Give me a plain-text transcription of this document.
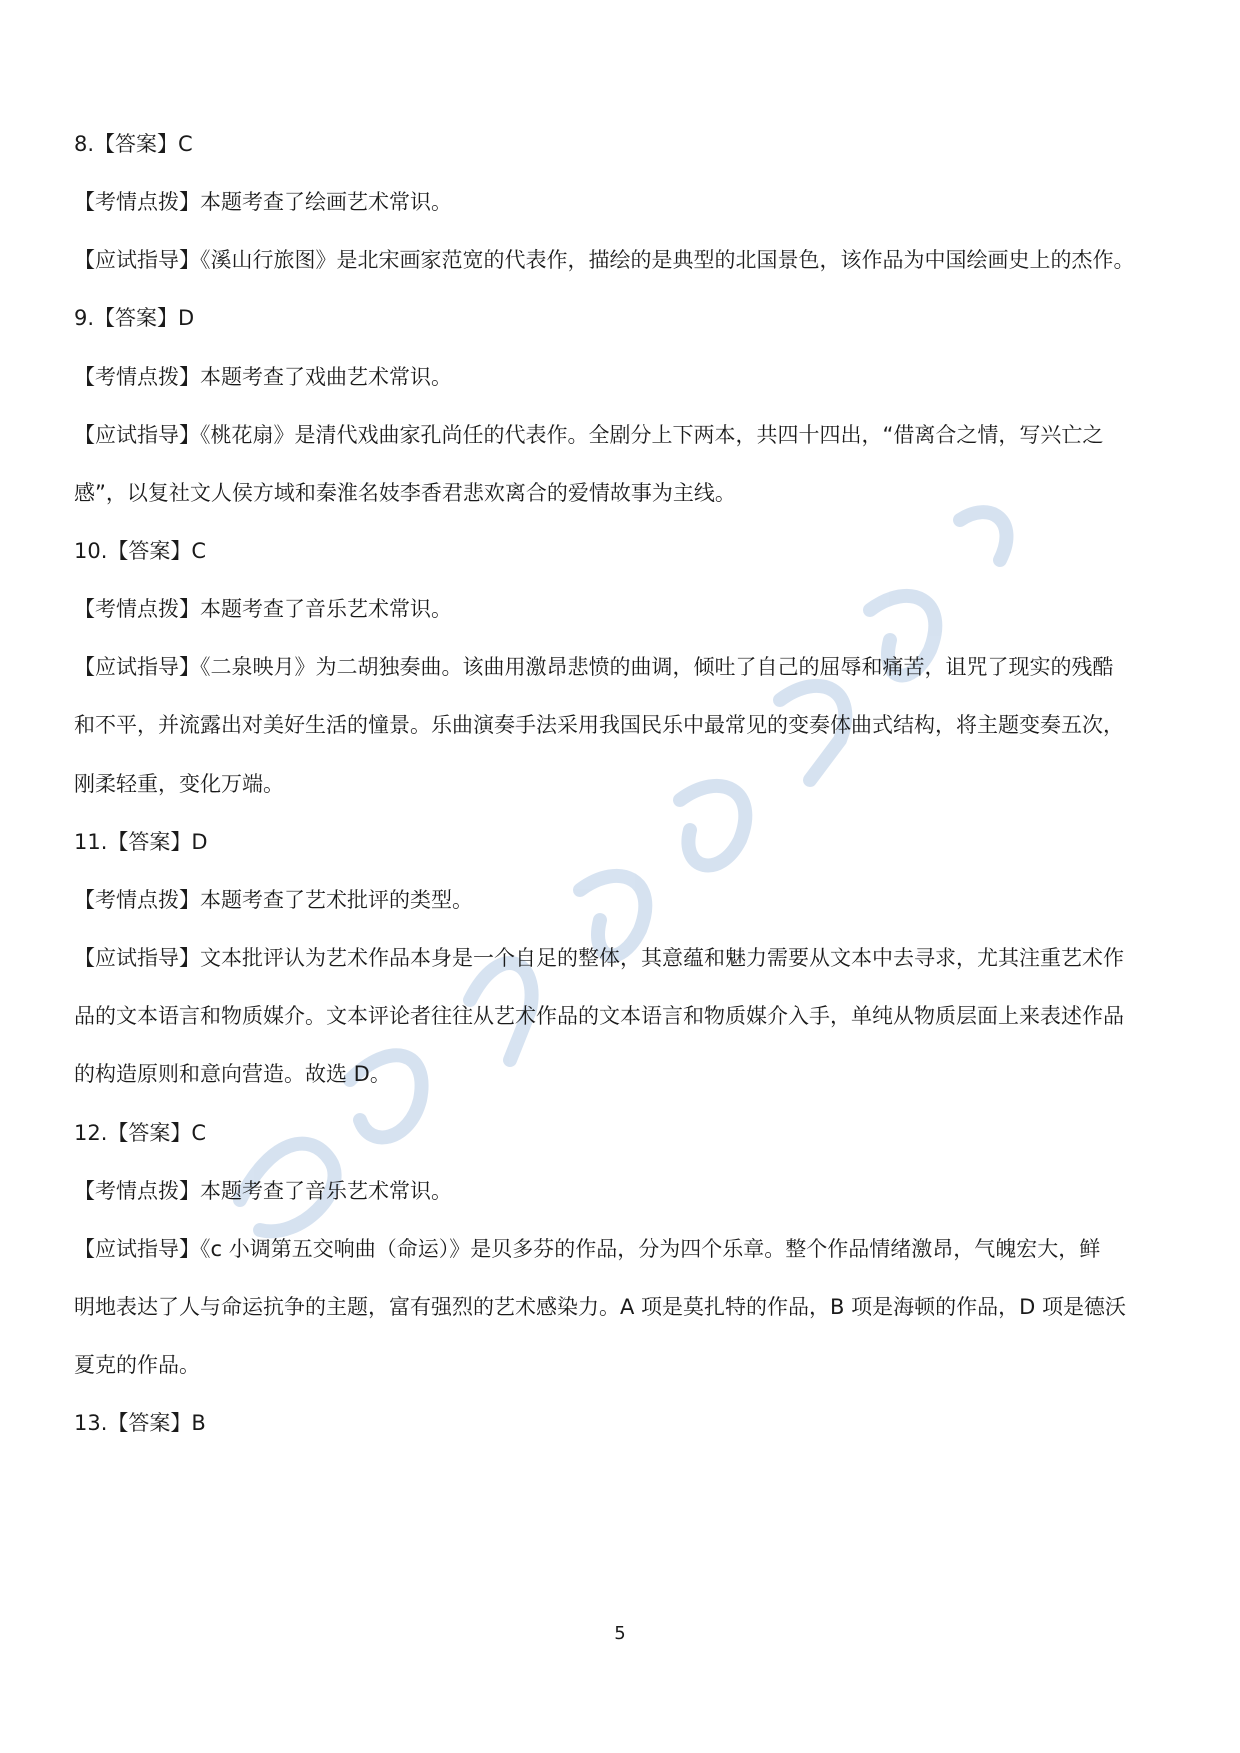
8.【答案】C
【考情点拨】本题考查了绘画艺术常识。
【应试指导】《溪山行旅图》是北宋画家范宽的代表作，描绘的是典型的北国景色，该作品为中国绘画史上的杰作。
9.【答案】D
【考情点拨】本题考查了戏曲艺术常识。
【应试指导】《桃花扇》是清代戏曲家孔尚任的代表作。全剧分上下两本，共四十四出，“借离合之情，写兴亡之
感”，以复社文人侯方域和秦淮名妓李香君悲欢离合的爱情故事为主线。
10.【答案】C
【考情点拨】本题考查了音乐艺术常识。
【应试指导】《二泉映月》为二胡独奏曲。该曲用激昂悲愤的曲调，倾吐了自己的屈辱和痛苦，诅咒了现实的残酷
和不平，并流露出对美好生活的憧景。乐曲演奏手法采用我国民乐中最常见的变奏体曲式结构，将主题变奏五次，
刚柔轻重，变化万端。
11.【答案】D
【考情点拨】本题考查了艺术批评的类型。
【应试指导】文本批评认为艺术作品本身是一个自足的整体，其意蕴和魅力需要从文本中去寻求，尤其注重艺术作
品的文本语言和物质媒介。文本评论者往往从艺术作品的文本语言和物质媒介入手，单纯从物质层面上来表述作品
的构造原则和意向营造。故选 D。
12.【答案】C
【考情点拨】本题考查了音乐艺术常识。
【应试指导】《c 小调第五交响曲（命运）》是贝多芬的作品，分为四个乐章。整个作品情绪激昂，气魄宏大，鲜
明地表达了人与命运抗争的主题，富有强烈的艺术感染力。A 项是莫扎特的作品，B 项是海顿的作品，D 项是德沃
夏克的作品。
13.【答案】B
5
